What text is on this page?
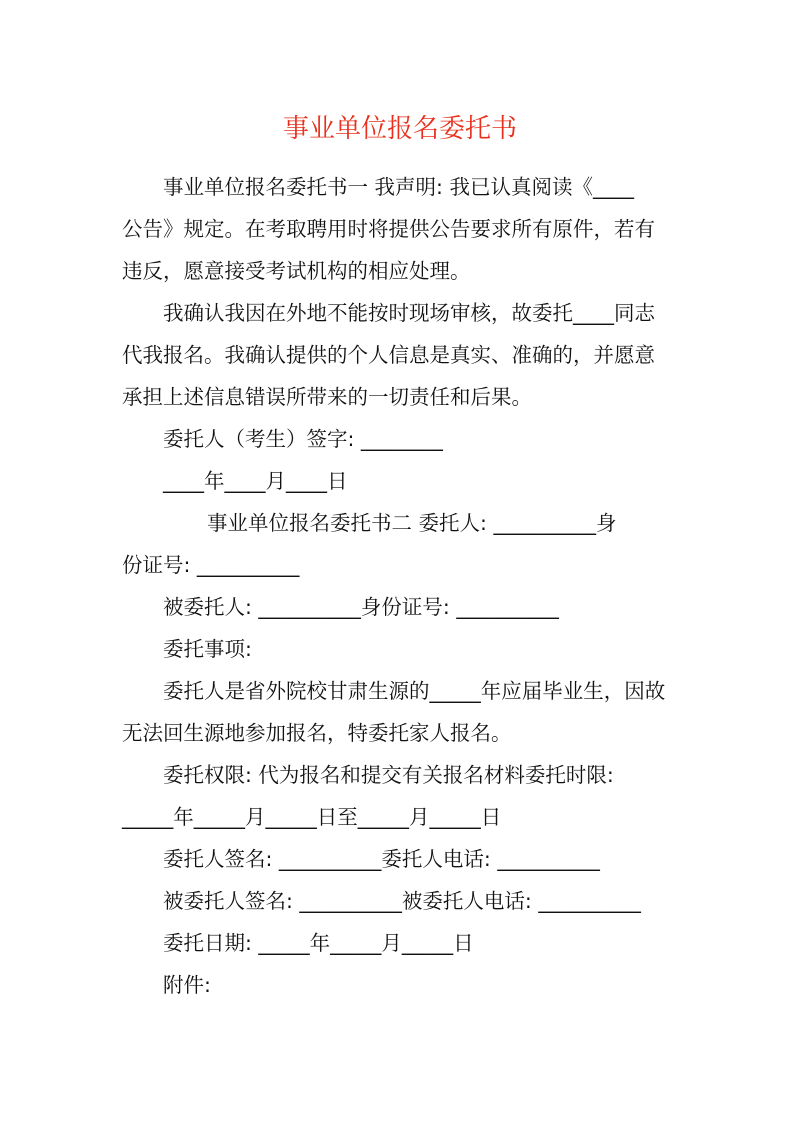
事业单位报名委托书
事业单位报名委托书一 我声明: 我已认真阅读《____
公告》规定。在考取聘用时将提供公告要求所有原件，若有
违反，愿意接受考试机构的相应处理。
我确认我因在外地不能按时现场审核，故委托____同志
代我报名。我确认提供的个人信息是真实、准确的，并愿意
承担上述信息错误所带来的一切责任和后果。
委托人（考生）签字: ________
____年____月____日
事业单位报名委托书二 委托人: __________身
份证号: __________
被委托人: __________身份证号: __________
委托事项:
委托人是省外院校甘肃生源的_____年应届毕业生，因故
无法回生源地参加报名，特委托家人报名。
委托权限: 代为报名和提交有关报名材料委托时限:
_____年_____月_____日至_____月_____日
委托人签名: __________委托人电话: __________
被委托人签名: __________被委托人电话: __________
委托日期: _____年_____月_____日
附件:
